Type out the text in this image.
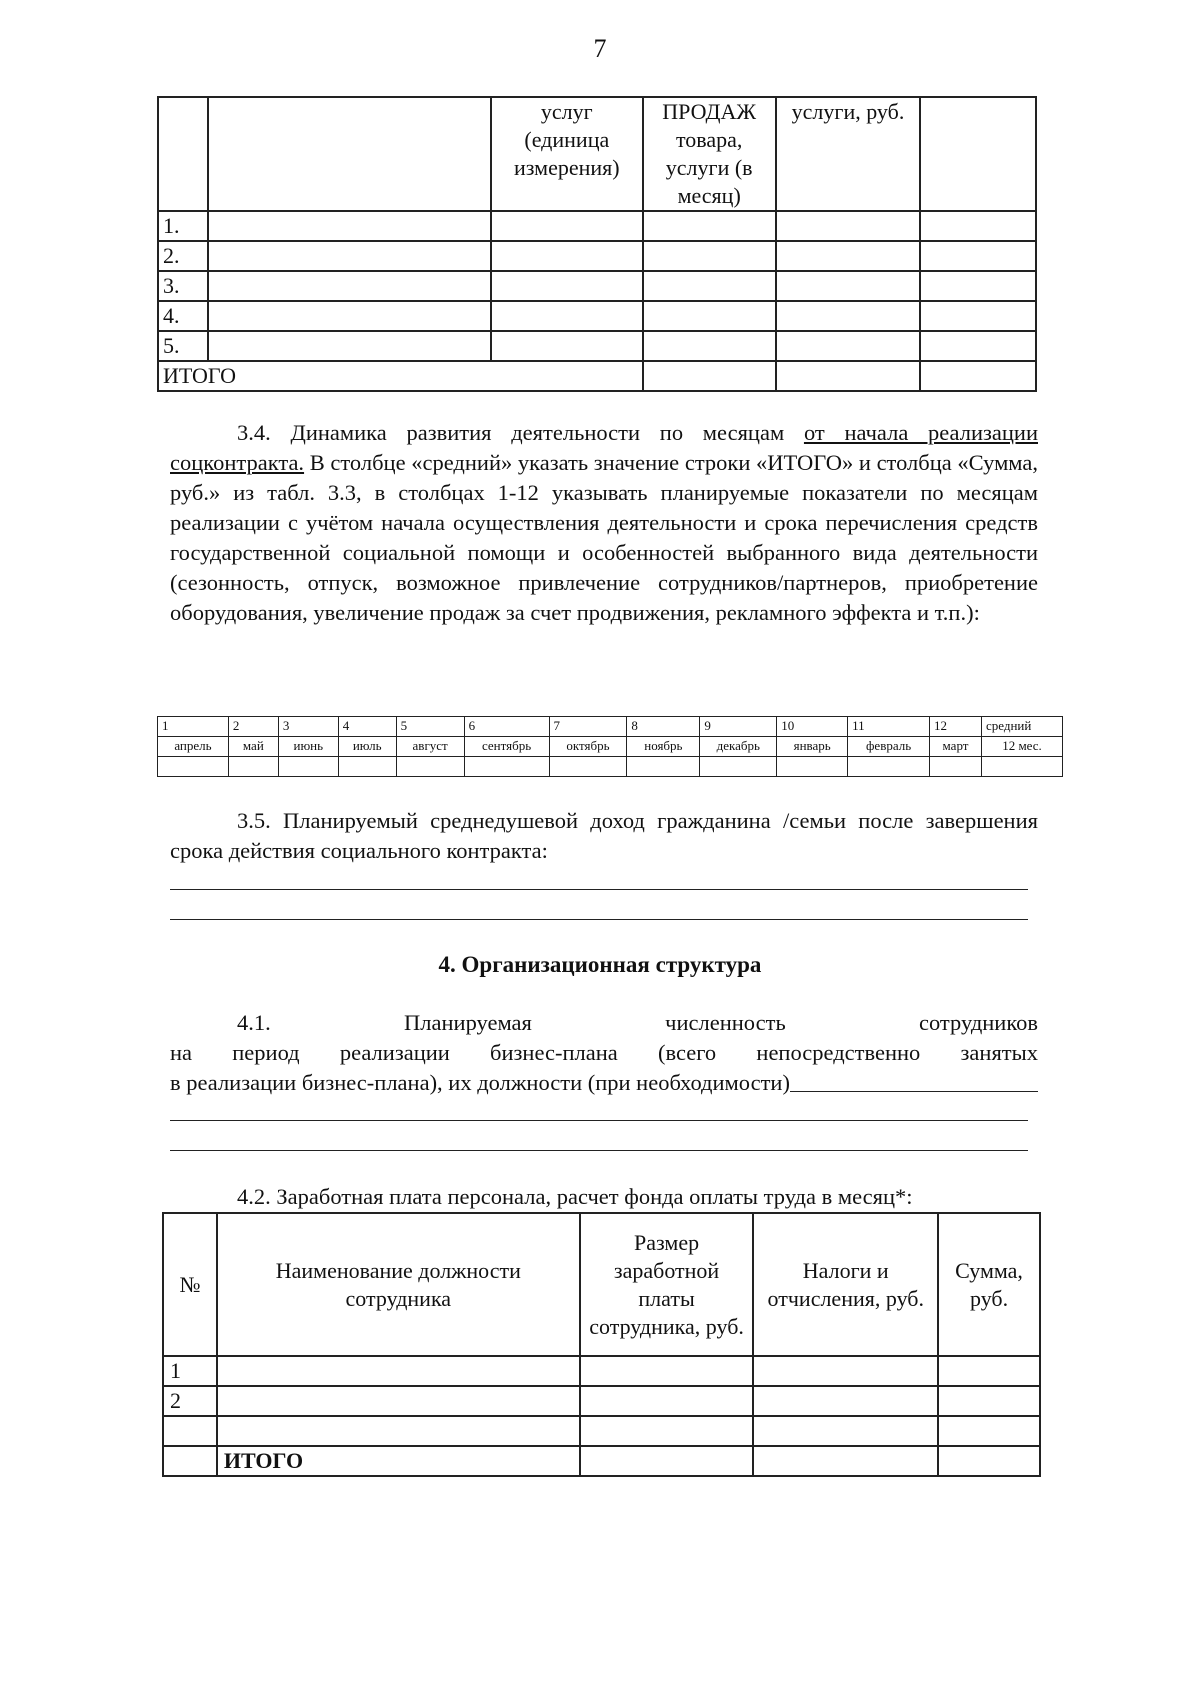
7
		услуг (единица измерения)	ПРОДАЖ товара, услуги (в месяц)	услуги, руб.	
1.					
2.					
3.					
4.					
5.					
ИТОГО					

3.4. Динамика развития деятельности по месяцам от начала реализации соцконтракта. В столбце «средний» указать значение строки «ИТОГО» и столбца «Сумма, руб.» из табл. 3.3, в столбцах 1-12 указывать планируемые показатели по месяцам реализации с учётом начала осуществления деятельности и срока перечисления средств государственной социальной помощи и особенностей выбранного вида деятельности (сезонность, отпуск, возможное привлечение сотрудников/партнеров, приобретение оборудования, увеличение продаж за счет продвижения, рекламного эффекта и т.п.):

1	2	3	4	5	6	7	8	9	10	11	12	средний
апрель	май	июнь	июль	август	сентябрь	октябрь	ноябрь	декабрь	январь	февраль	март	12 мес.

3.5. Планируемый среднедушевой доход гражданина /семьи после завершения срока действия социального контракта:

4. Организационная структура
4.1. Планируемая	численность	сотрудников
на период реализации бизнес-плана (всего непосредственно занятых
в реализации бизнес-плана), их должности (при необходимости)

4.2. Заработная плата персонала, расчет фонда оплаты труда в месяц*:

№	Наименование должности сотрудника	Размер заработной платы сотрудника, руб.	Налоги и отчисления, руб.	Сумма, руб.
1				
2				

	ИТОГО			
